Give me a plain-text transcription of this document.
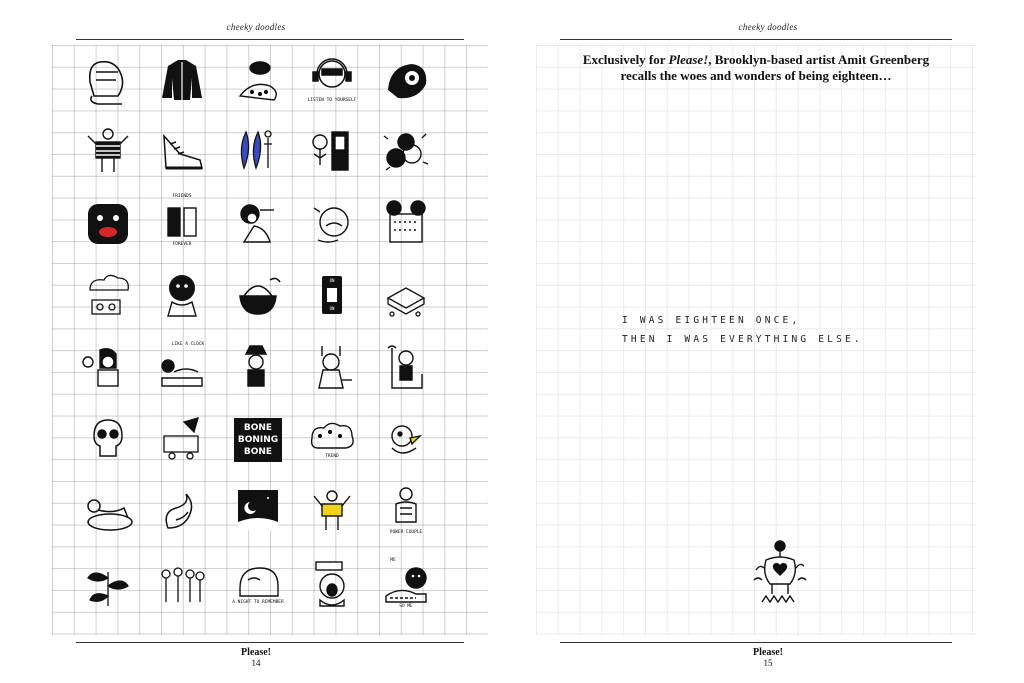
cheeky doodles
LISTEN TO YOURSELF
FRIENDS
FOREVER
ON
ON
LIKE A CLOCK
BONE
BONING
BONE	TREND
POWER COUPLE
A NIGHT TO REMEMBER
ME
SO ME
Please!
14
cheeky doodles
Exclusively for Please!, Brooklyn-based artist Amit Greenberg
recalls the woes and wonders of being eighteen…
I WAS EIGHTEEN ONCE,
THEN I WAS EVERYTHING ELSE.
Please!
15
